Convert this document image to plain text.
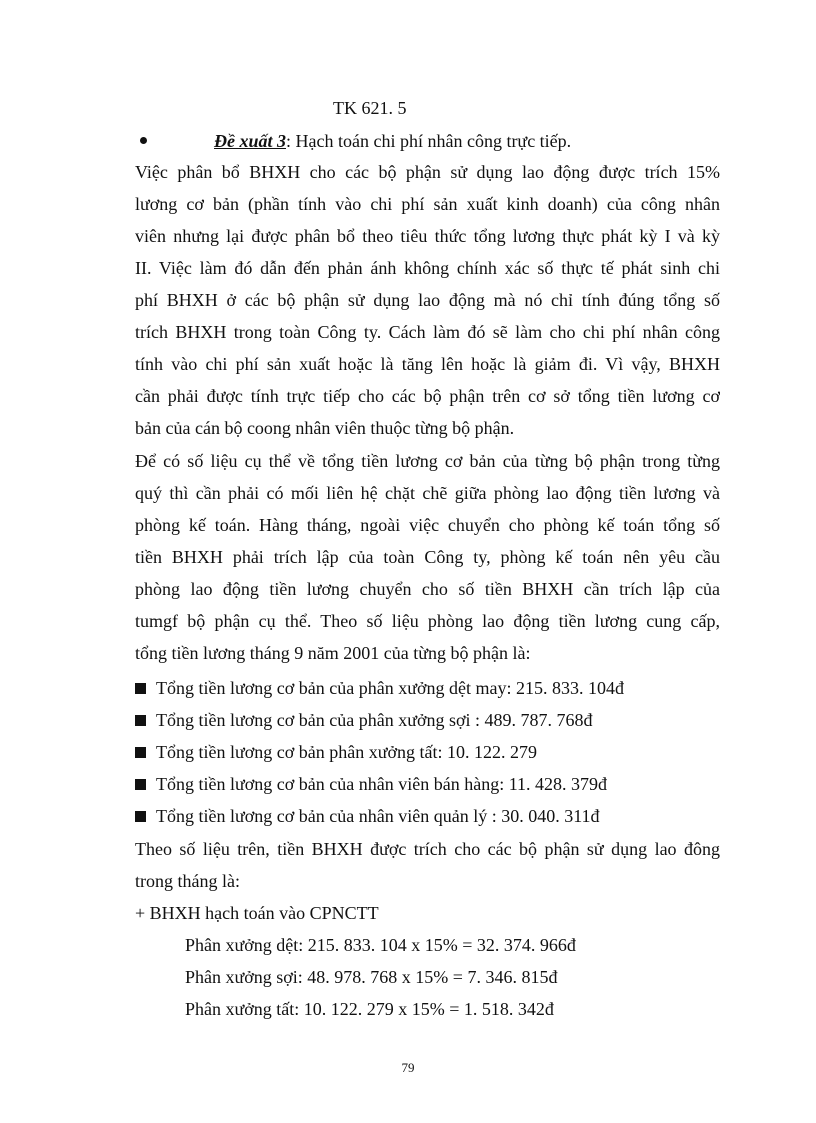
TK 621. 5
Đề xuất 3: Hạch toán chi phí nhân công trực tiếp.
Việc phân bổ BHXH cho các bộ phận sử dụng lao động được trích 15%
lương cơ bản (phần tính vào chi phí sản xuất kinh doanh) của công nhân
viên nhưng lại được phân bổ theo tiêu thức tổng lương thực phát kỳ I và kỳ
II. Việc làm đó dẫn đến phản ánh không chính xác số thực tế phát sinh chi
phí BHXH ở các bộ phận sử dụng lao động mà nó chỉ tính đúng tổng số
trích BHXH trong toàn Công ty. Cách làm đó sẽ làm cho chi phí nhân công
tính vào chi phí sản xuất hoặc là tăng lên hoặc là giảm đi. Vì vậy, BHXH
cần phải được tính trực tiếp cho các bộ phận trên cơ sở tổng tiền lương cơ
bản của cán bộ coong nhân viên thuộc từng bộ phận.
Để có số liệu cụ thể về tổng tiền lương cơ bản của từng bộ phận trong từng
quý thì cần phải có mối liên hệ chặt chẽ giữa phòng lao động tiền lương và
phòng kế toán. Hàng tháng, ngoài việc chuyển cho phòng kế toán tổng số
tiền BHXH phải trích lập của toàn Công ty, phòng kế toán nên yêu cầu
phòng lao động tiền lương chuyển cho số tiền BHXH cần trích lập của
tumgf bộ phận cụ thể. Theo số liệu phòng lao động tiền lương cung cấp,
tổng tiền lương tháng 9 năm 2001 của từng bộ phận là:
Tổng tiền lương cơ bản của phân xưởng dệt may: 215. 833. 104đ
Tổng tiền lương cơ bản của phân xưởng sợi : 489. 787. 768đ
Tổng tiền lương cơ bản phân xưởng tất: 10. 122. 279
Tổng tiền lương cơ bản của nhân viên bán hàng: 11. 428. 379đ
Tổng tiền lương cơ bản của nhân viên quản lý : 30. 040. 311đ
Theo số liệu trên, tiền BHXH được trích cho các bộ phận sử dụng lao đông
trong tháng là:
+ BHXH hạch toán vào CPNCTT
Phân xưởng dệt: 215. 833. 104 x 15% = 32. 374. 966đ
Phân xưởng sợi: 48. 978. 768 x 15% = 7. 346. 815đ
Phân xưởng tất: 10. 122. 279 x 15% = 1. 518. 342đ
79
